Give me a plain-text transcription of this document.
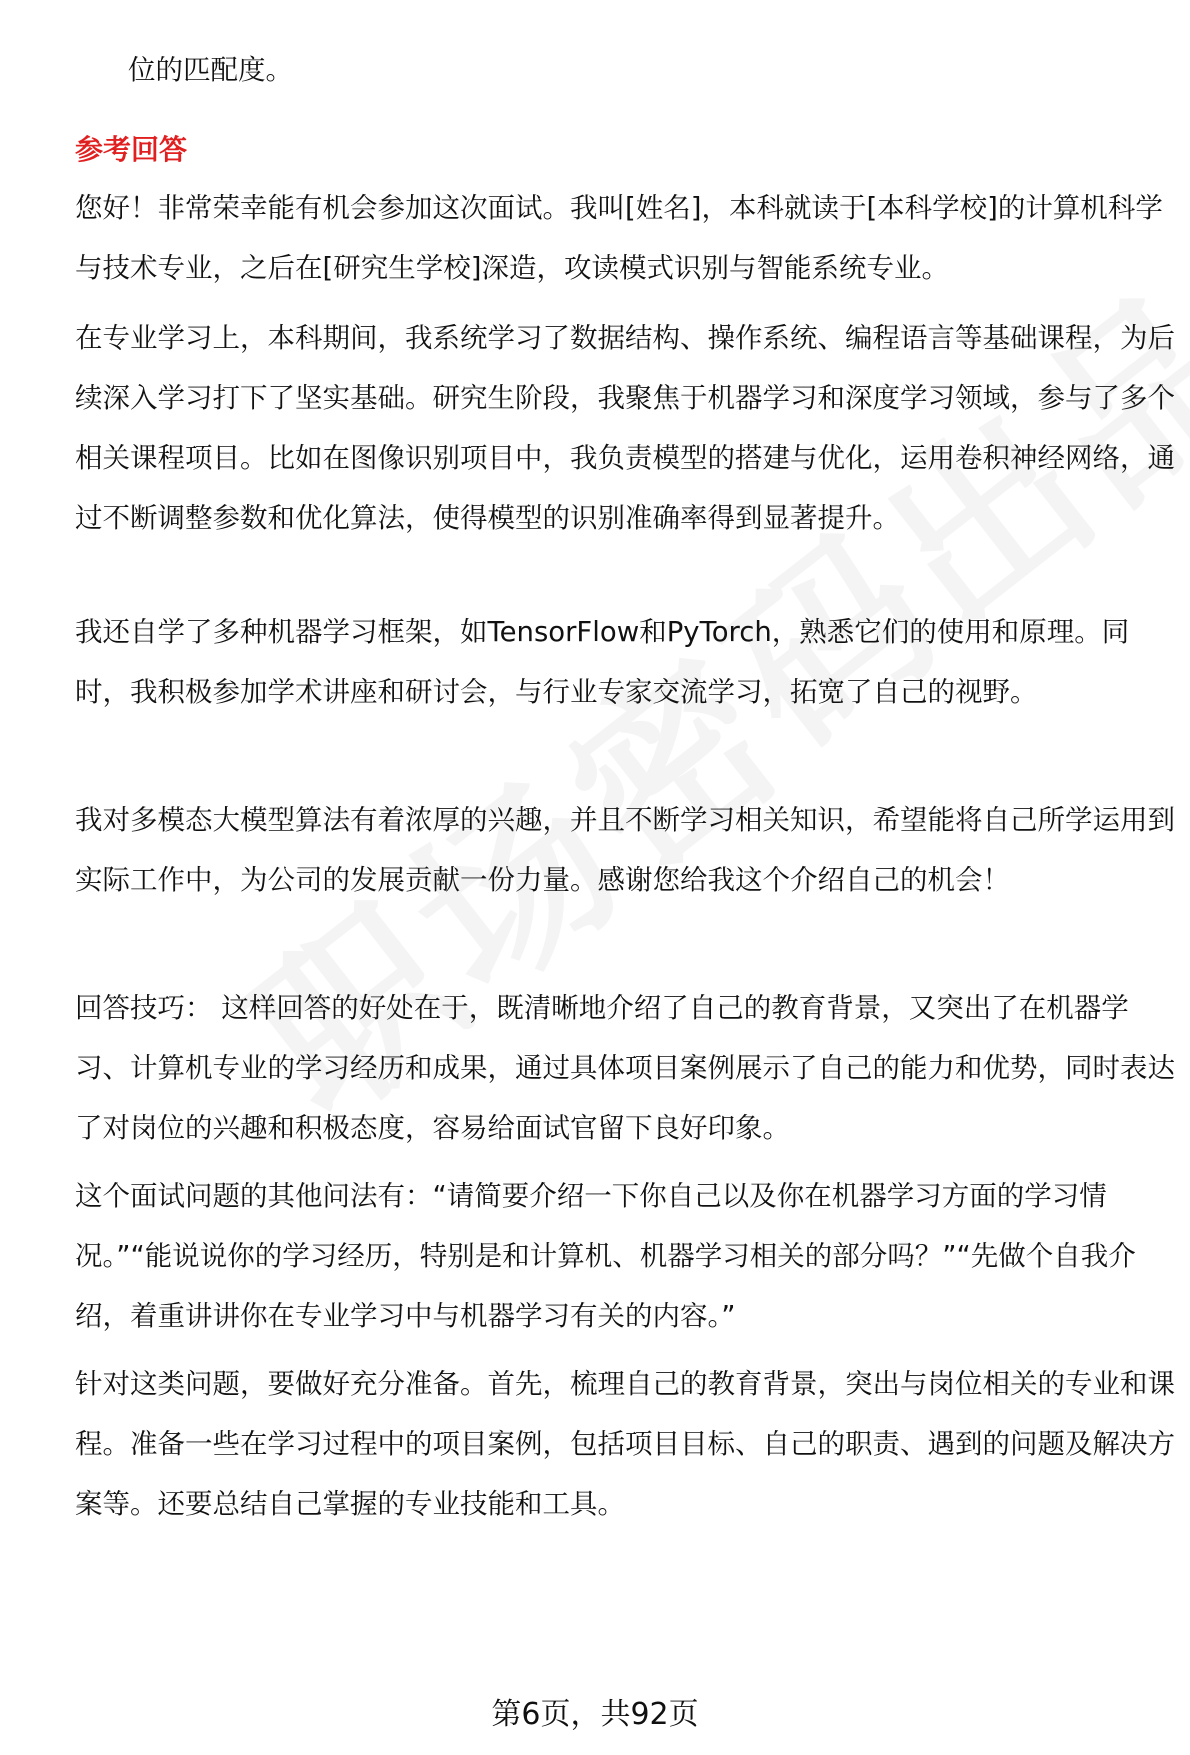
位的匹配度。

参考回答

您好！非常荣幸能有机会参加这次面试。我叫[姓名]，本科就读于[本科学校]的计算机科学与技术专业，之后在[研究生学校]深造，攻读模式识别与智能系统专业。

在专业学习上，本科期间，我系统学习了数据结构、操作系统、编程语言等基础课程，为后续深入学习打下了坚实基础。研究生阶段，我聚焦于机器学习和深度学习领域，参与了多个相关课程项目。比如在图像识别项目中，我负责模型的搭建与优化，运用卷积神经网络，通过不断调整参数和优化算法，使得模型的识别准确率得到显著提升。

我还自学了多种机器学习框架，如TensorFlow和PyTorch，熟悉它们的使用和原理。同时，我积极参加学术讲座和研讨会，与行业专家交流学习，拓宽了自己的视野。

我对多模态大模型算法有着浓厚的兴趣，并且不断学习相关知识，希望能将自己所学运用到实际工作中，为公司的发展贡献一份力量。感谢您给我这个介绍自己的机会！

回答技巧： 这样回答的好处在于，既清晰地介绍了自己的教育背景，又突出了在机器学习、计算机专业的学习经历和成果，通过具体项目案例展示了自己的能力和优势，同时表达了对岗位的兴趣和积极态度，容易给面试官留下良好印象。

这个面试问题的其他问法有：“请简要介绍一下你自己以及你在机器学习方面的学习情况。”“能说说你的学习经历，特别是和计算机、机器学习相关的部分吗？”“先做个自我介绍，着重讲讲你在专业学习中与机器学习有关的内容。”

针对这类问题，要做好充分准备。首先，梳理自己的教育背景，突出与岗位相关的专业和课程。准备一些在学习过程中的项目案例，包括项目目标、自己的职责、遇到的问题及解决方案等。还要总结自己掌握的专业技能和工具。

第6页，共92页
